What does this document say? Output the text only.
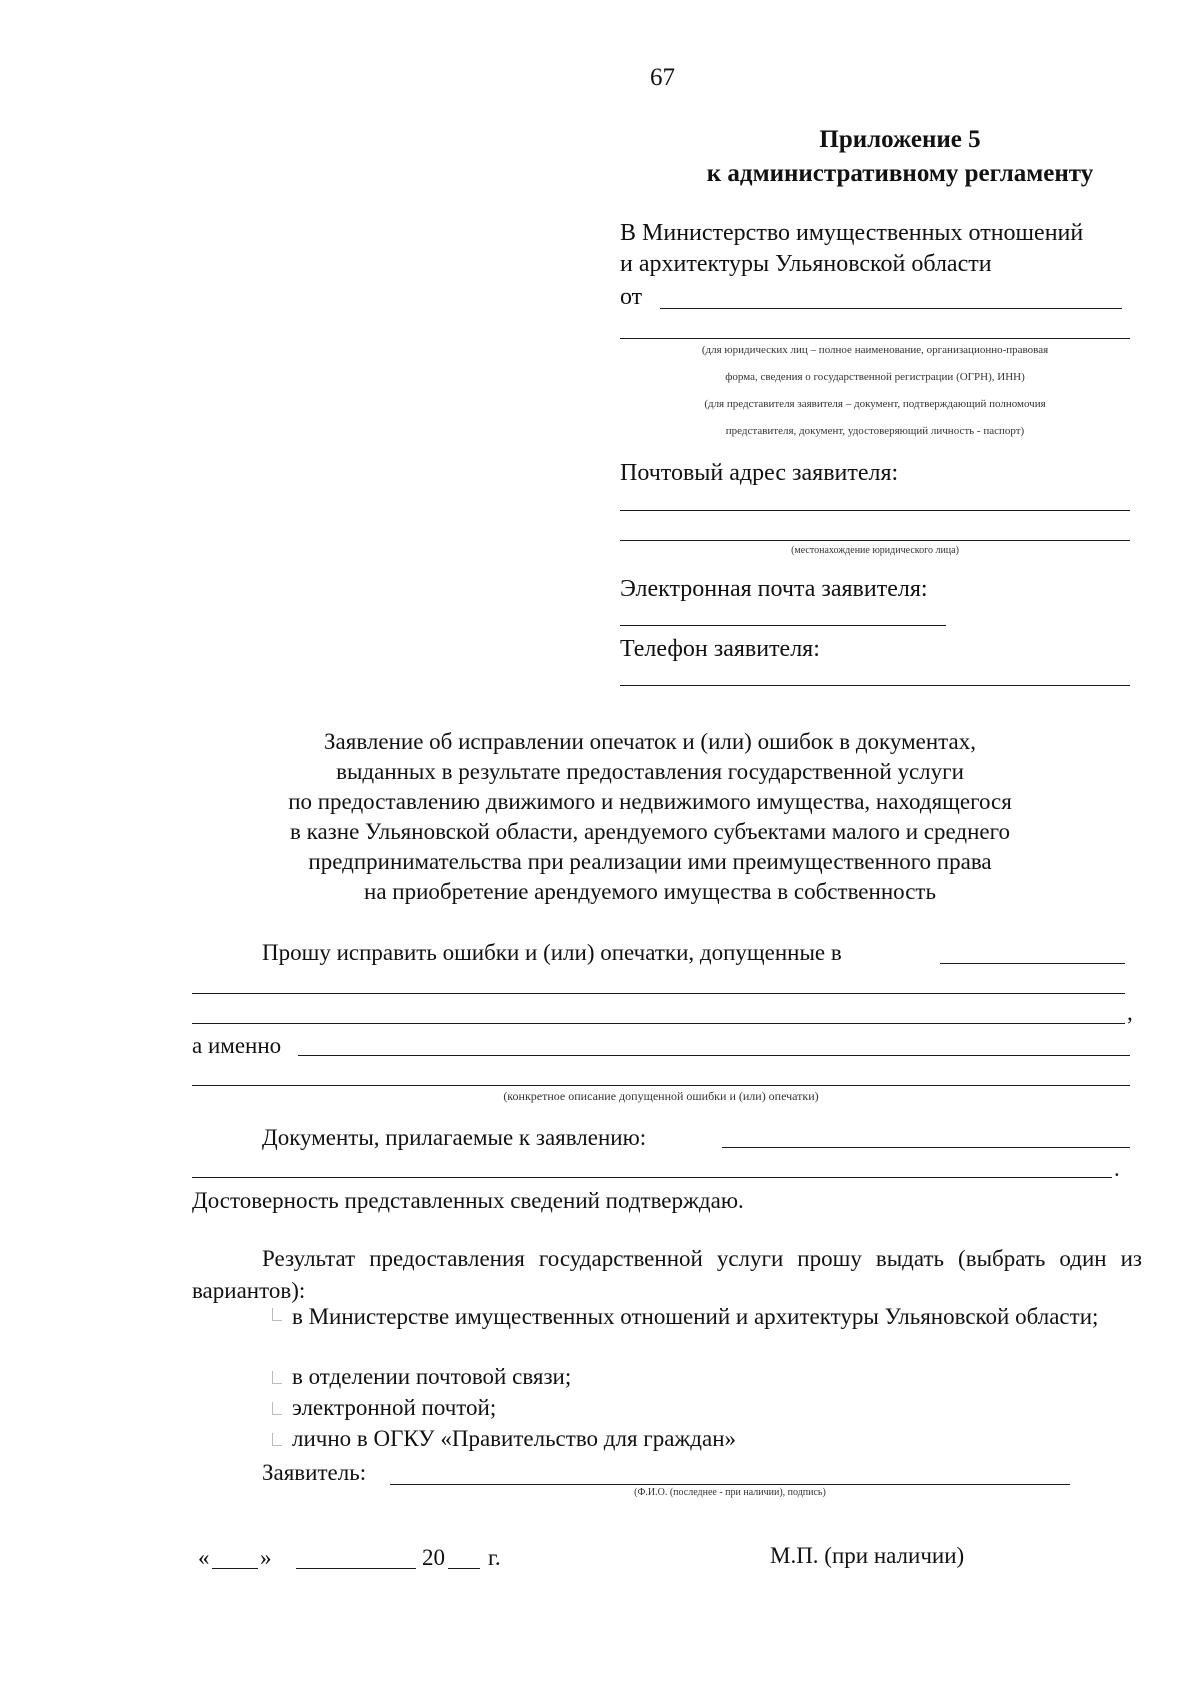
67
Приложение 5
к административному регламенту
В Министерство имущественных отношений
и архитектуры Ульяновской области
от
(для юридических лиц – полное наименование, организационно-правовая
форма, сведения о государственной регистрации (ОГРН), ИНН)
(для представителя заявителя – документ, подтверждающий полномочия
представителя, документ, удостоверяющий личность - паспорт)
Почтовый адрес заявителя:
(местонахождение юридического лица)
Электронная почта заявителя:
Телефон заявителя:
Заявление об исправлении опечаток и (или) ошибок в документах,
выданных в результате предоставления государственной услуги
по предоставлению движимого и недвижимого имущества, находящегося
в казне Ульяновской области, арендуемого субъектами малого и среднего
предпринимательства при реализации ими преимущественного права
на приобретение арендуемого имущества в собственность
Прошу исправить ошибки и (или) опечатки, допущенные в
,
а именно
(конкретное описание допущенной ошибки и (или) опечатки)
Документы, прилагаемые к заявлению:
.
Достоверность представленных сведений подтверждаю.
Результат предоставления государственной услуги прошу выдать (выбрать один из вариантов):
в Министерстве имущественных отношений и архитектуры Ульяновской области;
в отделении почтовой связи;
электронной почтой;
лично в ОГКУ «Правительство для граждан»
Заявитель:
(Ф.И.О. (последнее - при наличии), подпись)
« »	20 г.	М.П. (при наличии)
